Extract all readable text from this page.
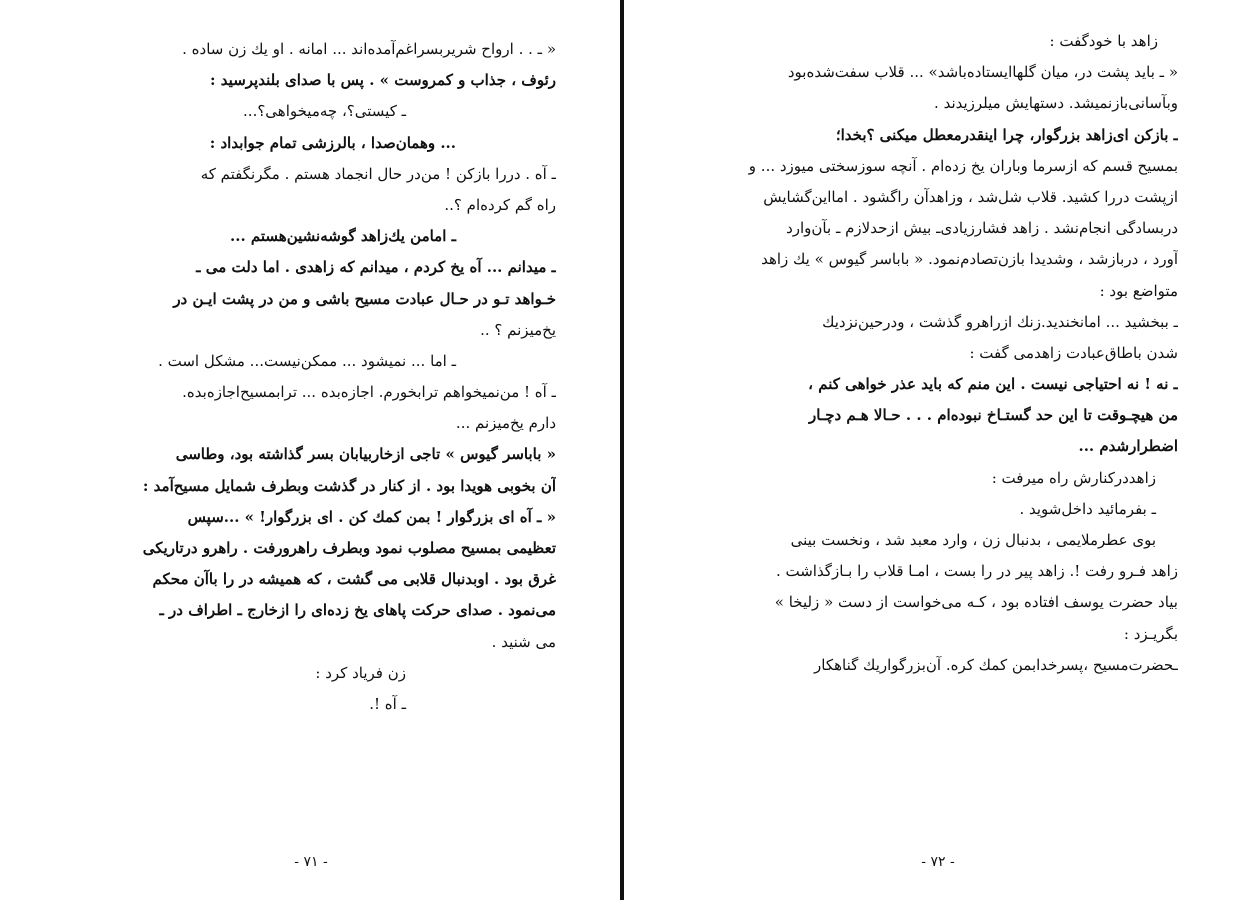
« ـ . . ارواح شریربسراغم‌آمده‌اند ... امانه . او یك زن ساده .

رئوف ، جذاب و کمروست » . پس با صدای بلندپرسید :

ـ کیستی؟، چه‌میخواهی؟...

... وهمان‌صدا ، بالرزشی تمام جوابداد :

ـ آه . دررا بازکن ! من‌در حال انجماد هستم . مگرنگفتم که

راه گم کرده‌ام ؟..

ـ امامن یك‌زاهد گوشه‌نشین‌هستم ...

ـ میدانم ... آه یخ کردم ، میدانم که زاهدی . اما دلت می ـ

خـواهد تـو در حـال عبادت مسیح باشی و من در پشت ایـن در

یخ‌میزنم ؟ ..

ـ اما ... نمیشود ... ممکن‌نیست... مشکل است .

ـ آه ! من‌نمیخواهم ترابخورم. اجازه‌بده ... ترابمسیح‌اجازه‌بده.

دارم یخ‌میزنم ...

« باباسر گیوس » تاجی ازخاربیابان بسر گذاشته بود، وطاسی

آن بخوبی هویدا بود . از کنار در گذشت وبطرف شمایل مسیح‌آمد :

« ـ آه ای بزرگوار ! بمن کمك کن . ای بزرگوار! » ...سپس

تعظیمی بمسیح مصلوب نمود وبطرف راهرورفت . راهرو درتاریکی

غرق بود . اوبدنبال قلابی می گشت ، که همیشه در را باآن محکم

می‌نمود . صدای حرکت پاهای یخ زده‌ای را ازخارج ـ اطراف در ـ

می شنید .

زن فریاد کرد :

ـ آه !.

- ۷۱ -

زاهد با خودگفت :

« ـ باید پشت در، میان گلهاایستاده‌باشد» ... قلاب سفت‌شده‌بود

وبآسانی‌بازنمیشد. دستهایش میلرزیدند .

ـ بازکن ای‌زاهد بزرگوار، چرا اینقدرمعطل میکنی ؟بخدا؛

بمسیح قسم که ازسرما وباران یخ زده‌ام . آنچه سوزسختی میوزد ... و

ازپشت دررا کشید. قلاب شل‌شد ، وزاهدآن راگشود . امااین‌گشایش

دربسادگی انجام‌نشد . زاهد فشارزیادی‌ـ بیش ازحدلازم ـ بآن‌وارد

آورد ، دربازشد ، وشدیدا بازن‌تصادم‌نمود. « باباسر گیوس » یك زاهد

متواضع بود :

ـ ببخشید ... امانخندید.زنك ازراهرو گذشت ، ودرحین‌نزدیك

شدن باطاق‌عبادت زاهدمی گفت :

ـ نه ! نه احتیاجی نیست . این منم که باید عذر خواهی کنم ،

من هیچـوقت تا این حد گستـاخ نبوده‌ام . . . حـالا هـم دچـار

اضطرارشدم ...

زاهددرکنارش راه میرفت :

ـ بفرمائید داخل‌شوید .

بوی عطرملایمی ، بدنبال زن ، وارد معبد شد ، ونخست بینی

زاهد فـرو رفت !. زاهد پیر در را بست ، امـا قلاب را بـازگذاشت .

بیاد حضرت یوسف افتاده بود ، کـه می‌خواست از دست « زلیخا »

بگریـزد :

ـحضرت‌مسیح ،پسرخدابمن کمك کره. آن‌بزرگواریك گناهکار

- ۷۲ -
